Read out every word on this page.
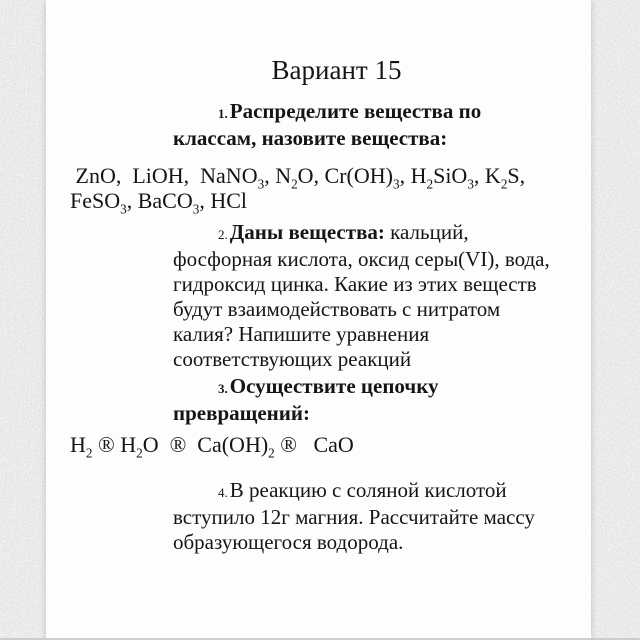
Вариант 15
1.Распределите вещества по
классам, назовите вещества:
ZnO,  LiOH,  NaNO$_3$, $N_2O$, $Cr(OH)_3$, $H_2SiO_3$, $K_2S$,
FeSO$_3$, BaCO$_3$, HCl
2.Даны вещества: кальций,
фосфорная кислота, оксид серы(VI), вода,
гидроксид цинка. Какие из этих веществ
будут взаимодействовать с нитратом
калия? Напишите уравнения
соответствующих реакций
3.Осуществите цепочку
превращений:
$H_2$ ® $H_2O$  ®  $Ca(OH)_2$ ®   CaO
4.В реакцию с соляной кислотой
вступило 12г магния. Рассчитайте массу
образующегося водорода.
